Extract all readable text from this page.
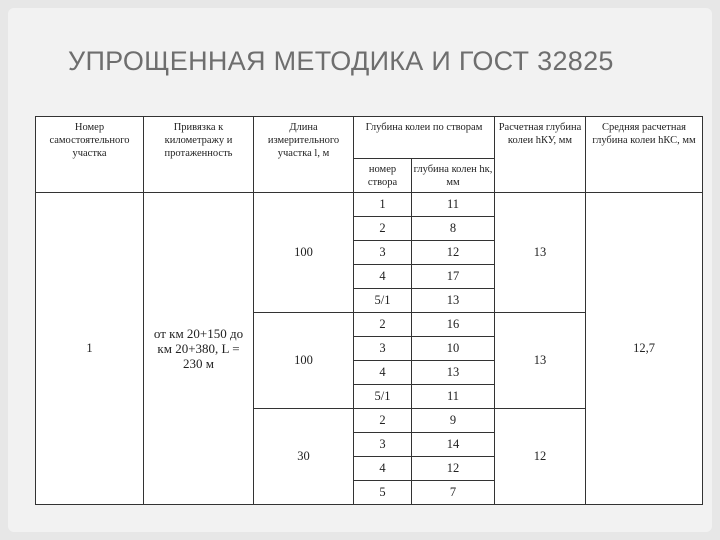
УПРОЩЕННАЯ МЕТОДИКА И ГОСТ 32825
Номер самостоятельного участка	Привязка к километражу и протаженность	Длина измерительного участка l, м	Глубина колеи по створам		Расчетная глубина колеи hКУ, мм	Средняя расчетная глубина колеи hКС, мм
			номер створа	глубина колен hк, мм		
1	от км 20+150 до км 20+380, L = 230 м	100	1	11	13	12,7
			2	8		
			3	12		
			4	17		
			5/1	13		
		100	2	16	13	
			3	10		
			4	13		
			5/1	11		
		30	2	9	12	
			3	14		
			4	12		
			5	7		
